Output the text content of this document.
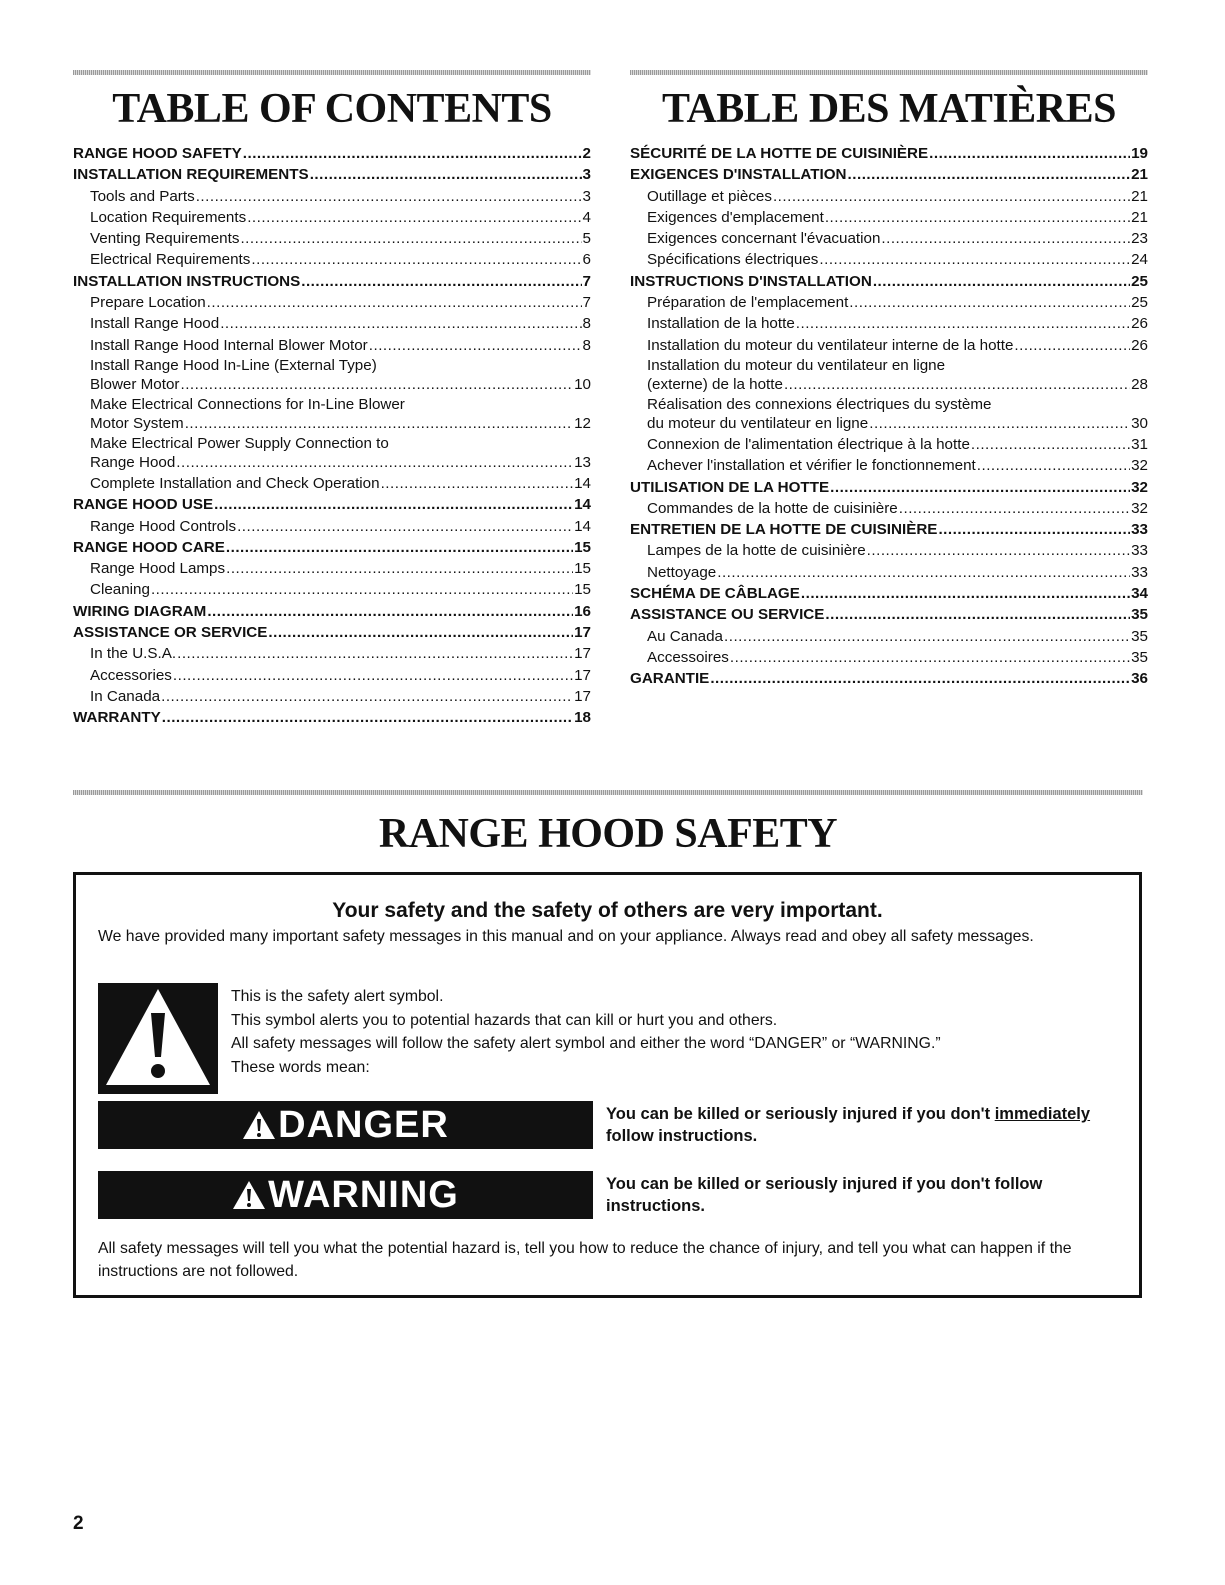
TABLE OF CONTENTS
RANGE HOOD SAFETY .....	2
INSTALLATION REQUIREMENTS .....	3
Tools and Parts .....	3
Location Requirements .....	4
Venting Requirements .....	5
Electrical Requirements .....	6
INSTALLATION INSTRUCTIONS .....	7
Prepare Location .....	7
Install Range Hood .....	8
Install Range Hood Internal Blower Motor .....	8
Install Range Hood In-Line (External Type)
Blower Motor .....	10
Make Electrical Connections for In-Line Blower
Motor System .....	12
Make Electrical Power Supply Connection to
Range Hood .....	13
Complete Installation and Check Operation .....	14
RANGE HOOD USE .....	14
Range Hood Controls .....	14
RANGE HOOD CARE .....	15
Range Hood Lamps .....	15
Cleaning .....	15
WIRING DIAGRAM .....	16
ASSISTANCE OR SERVICE .....	17
In the U.S.A. .....	17
Accessories .....	17
In Canada .....	17
WARRANTY .....	18
TABLE DES MATIÈRES
SÉCURITÉ DE LA HOTTE DE CUISINIÈRE .....	19
EXIGENCES D'INSTALLATION .....	21
Outillage et pièces .....	21
Exigences d'emplacement .....	21
Exigences concernant l'évacuation .....	23
Spécifications électriques .....	24
INSTRUCTIONS D'INSTALLATION .....	25
Préparation de l'emplacement .....	25
Installation de la hotte .....	26
Installation du moteur du ventilateur interne de la hotte .....	26
Installation du moteur du ventilateur en ligne
(externe) de la hotte .....	28
Réalisation des connexions électriques du système
du moteur du ventilateur en ligne .....	30
Connexion de l'alimentation électrique à la hotte .....	31
Achever l'installation et vérifier le fonctionnement .....	32
UTILISATION DE LA HOTTE .....	32
Commandes de la hotte de cuisinière .....	32
ENTRETIEN DE LA HOTTE DE CUISINIÈRE .....	33
Lampes de la hotte de cuisinière .....	33
Nettoyage .....	33
SCHÉMA DE CÂBLAGE .....	34
ASSISTANCE OU SERVICE .....	35
Au Canada .....	35
Accessoires .....	35
GARANTIE .....	36
RANGE HOOD SAFETY
Your safety and the safety of others are very important.
We have provided many important safety messages in this manual and on your appliance. Always read and obey all safety messages.
This is the safety alert symbol.
This symbol alerts you to potential hazards that can kill or hurt you and others.
All safety messages will follow the safety alert symbol and either the word “DANGER” or “WARNING.”
These words mean:
DANGER	You can be killed or seriously injured if you don't immediately follow instructions.
WARNING	You can be killed or seriously injured if you don't follow instructions.
All safety messages will tell you what the potential hazard is, tell you how to reduce the chance of injury, and tell you what can happen if the instructions are not followed.
2
